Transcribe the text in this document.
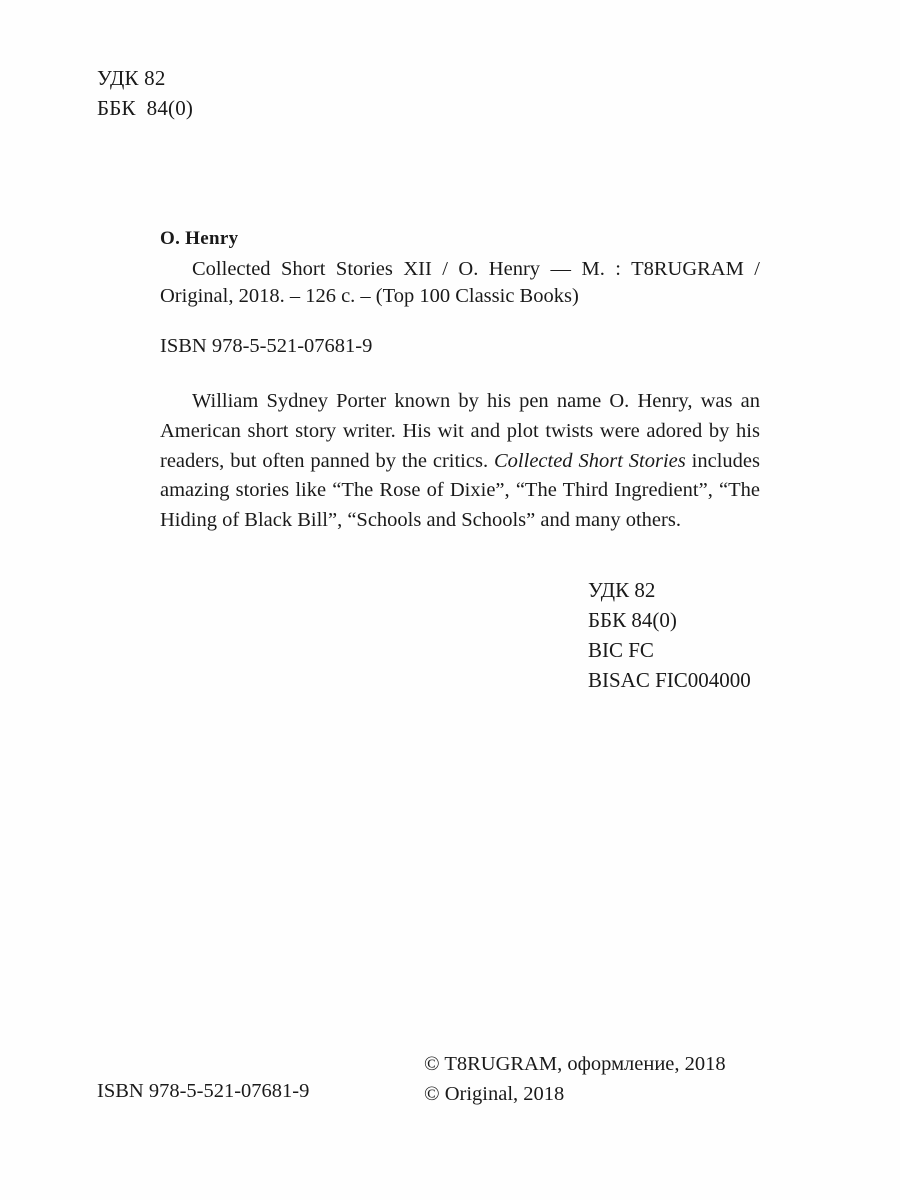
УДК 82
ББК  84(0)

O. Henry

Collected Short Stories XII / O. Henry — M. : T8RUGRAM / Original, 2018. – 126 c. – (Top 100 Classic Books)

ISBN 978-5-521-07681-9

William Sydney Porter known by his pen name O. Henry, was an American short story writer. His wit and plot twists were adored by his readers, but often panned by the critics. Collected Short Stories includes amazing stories like “The Rose of Dixie”, “The Third Ingredient”, “The Hiding of Black Bill”, “Schools and Schools” and many others.

УДК 82
ББК 84(0)
BIC FC
BISAC FIC004000
© T8RUGRAM, оформление, 2018
© Original, 2018
ISBN 978-5-521-07681-9
